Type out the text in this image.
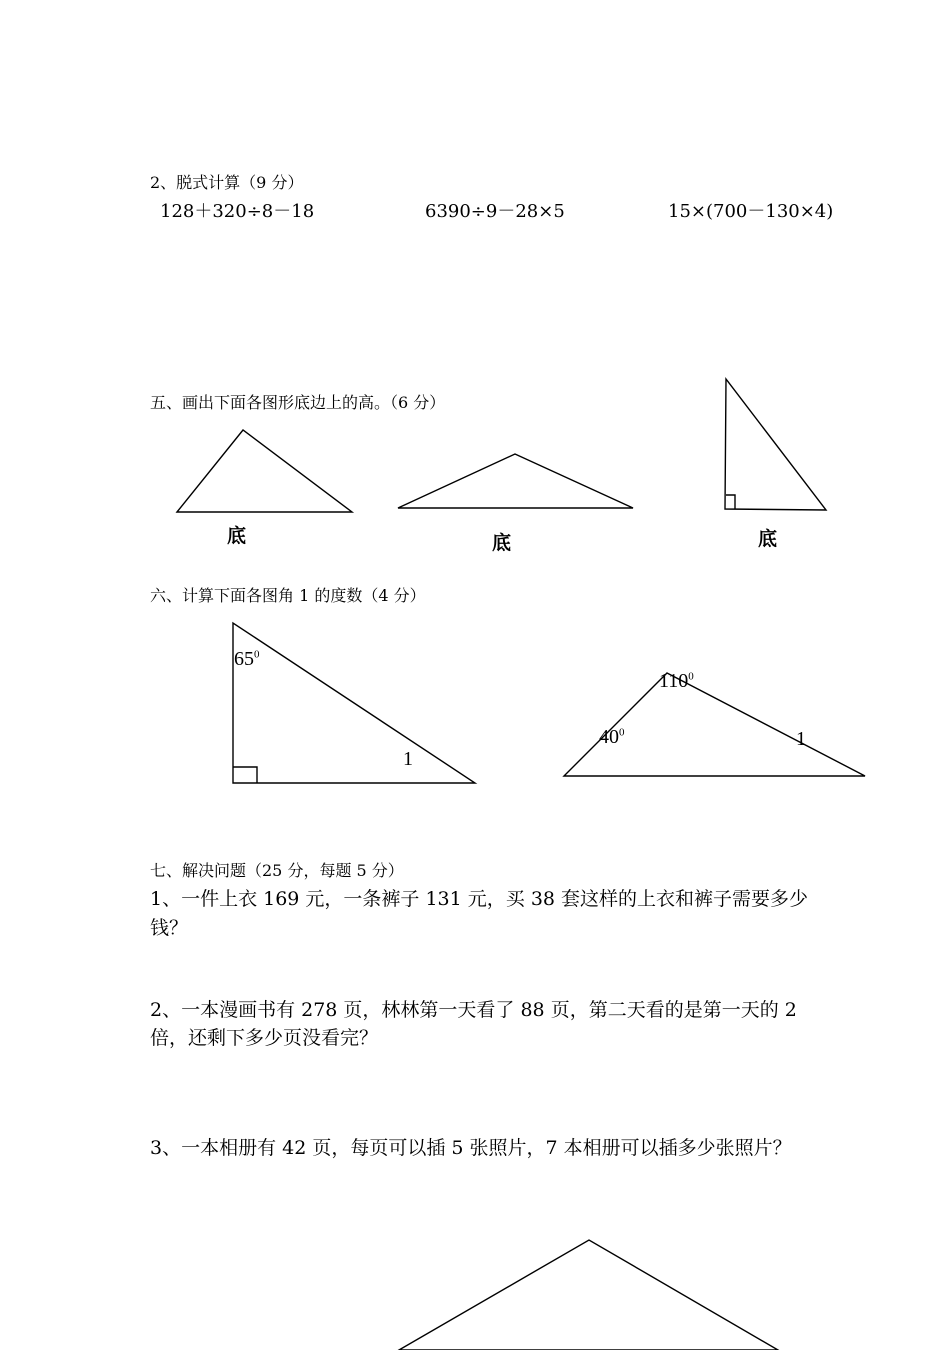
2、脱式计算（9 分）
128＋320÷8－18	6390÷9－28×5	15×(700－130×4)
五、画出下面各图形底边上的高。（6 分）
底	底	底
六、计算下面各图角 1 的度数（4 分）
$65^0$
1
$110^0$
$40^0$	1
七、解决问题（25 分，每题 5 分）
1、一件上衣 169 元，一条裤子 131 元，买 38 套这样的上衣和裤子需要多少
钱？
2、一本漫画书有 278 页，林林第一天看了 88 页，第二天看的是第一天的 2
倍，还剩下多少页没看完？
3、一本相册有 42 页，每页可以插 5 张照片，7 本相册可以插多少张照片？
